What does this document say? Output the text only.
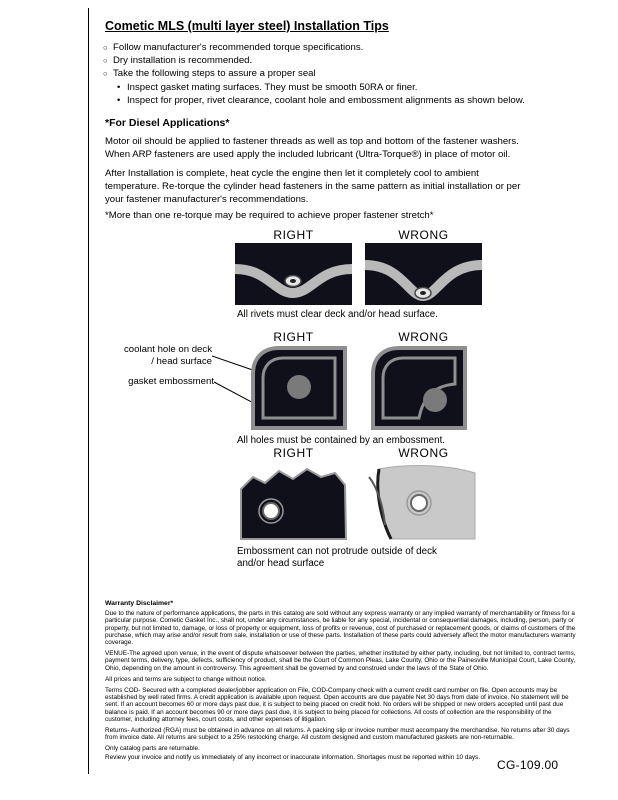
Cometic MLS (multi layer steel) Installation Tips
○ Follow manufacturer's recommended torque specifications.
○ Dry installation is recommended.
○ Take the following steps to assure a proper seal
• Inspect gasket mating surfaces. They must be smooth 50RA or finer.
• Inspect for proper, rivet clearance, coolant hole and embossment alignments as shown below.
*For Diesel Applications*
Motor oil should be applied to fastener threads as well as top and bottom of the fastener washers. When ARP fasteners are used apply the included lubricant (Ultra-Torque®) in place of motor oil.
After Installation is complete, heat cycle the engine then let it completely cool to ambient temperature. Re-torque the cylinder head fasteners in the same pattern as initial installation or per your fastener manufacturer's recommendations.
*More than one re-torque may be required to achieve proper fastener stretch*
RIGHT	WRONG
All rivets must clear deck and/or head surface.
RIGHT	WRONG
coolant hole on deck / head surface
gasket embossment
All holes must be contained by an embossment.
RIGHT	WRONG
Embossment can not protrude outside of deck and/or head surface
Warranty Disclaimer*

Due to the nature of performance applications, the parts in this catalog are sold without any express warranty or any implied warranty of merchantability or fitness for a particular purpose. Cometic Gasket Inc., shall not, under any circumstances, be liable for any special, incidental or consequential damages, including, person, party or property, but not limited to, damage, or loss of property or equipment, loss of profits or revenue, cost of purchased or replacement goods, or claims of customers of the purchase, which may arise and/or result from sale, installation or use of these parts. Installation of these parts could adversely affect the motor manufacturers warranty coverage.

VENUE-The agreed upon venue, in the event of dispute whatsoever between the parties, whether instituted by either party, including, but not limited to, contract terms, payment terms, delivery, type, defects, sufficiency of product, shall be the Court of Common Pleas, Lake County, Ohio or the Painesville Municipal Court, Lake County, Ohio, depending on the amount in controversy. This agreement shall be governed by and construed under the laws of the State of Ohio.

All prices and terms are subject to change without notice.

Terms COD- Secured with a completed dealer/jobber application on File, COD-Company check with a current credit card number on file. Open accounts may be established by well rated firms. A credit application is available upon request. Open accounts are due payable Net 30 days from date of invoice. No statement will be sent. If an account becomes 60 or more days past due, it is subject to being placed on credit hold. No orders will be shipped or new orders accepted until past due balance is paid. If an account becomes 90 or more days past due, it is subject to being placed for collections. All costs of collection are the responsibility of the customer, including attorney fees, court costs, and other expenses of litigation.

Returns- Authorized (RGA) must be obtained in advance on all returns. A packing slip or invoice number must accompany the merchandise. No returns after 30 days from invoice date. All returns are subject to a 25% restocking charge. All custom designed and custom manufactured gaskets are non-returnable.

Only catalog parts are returnable.

Review your invoice and notify us immediately of any incorrect or inaccurate information. Shortages must be reported within 10 days.

CG-109.00
